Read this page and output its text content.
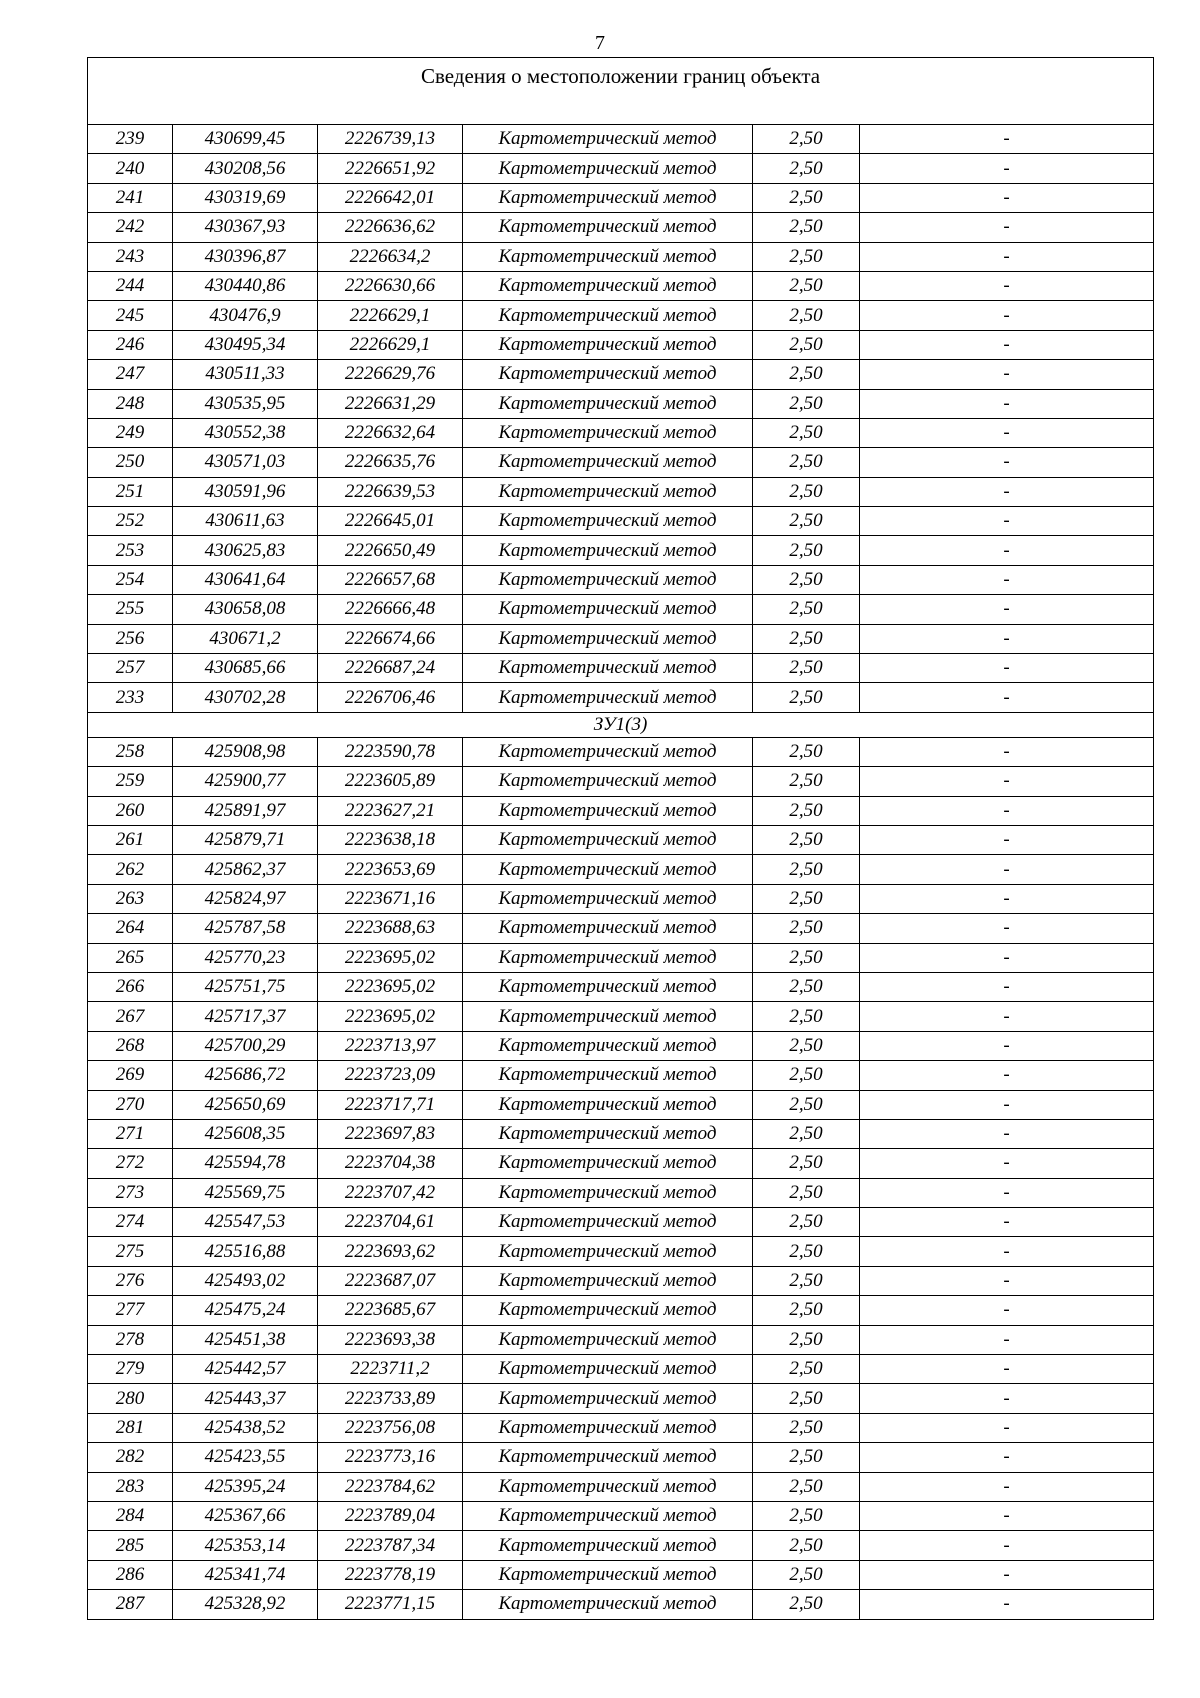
7
Сведения о местоположении границ объекта					
239	430699,45	2226739,13	Картометрический метод	2,50	-
240	430208,56	2226651,92	Картометрический метод	2,50	-
241	430319,69	2226642,01	Картометрический метод	2,50	-
242	430367,93	2226636,62	Картометрический метод	2,50	-
243	430396,87	2226634,2	Картометрический метод	2,50	-
244	430440,86	2226630,66	Картометрический метод	2,50	-
245	430476,9	2226629,1	Картометрический метод	2,50	-
246	430495,34	2226629,1	Картометрический метод	2,50	-
247	430511,33	2226629,76	Картометрический метод	2,50	-
248	430535,95	2226631,29	Картометрический метод	2,50	-
249	430552,38	2226632,64	Картометрический метод	2,50	-
250	430571,03	2226635,76	Картометрический метод	2,50	-
251	430591,96	2226639,53	Картометрический метод	2,50	-
252	430611,63	2226645,01	Картометрический метод	2,50	-
253	430625,83	2226650,49	Картометрический метод	2,50	-
254	430641,64	2226657,68	Картометрический метод	2,50	-
255	430658,08	2226666,48	Картометрический метод	2,50	-
256	430671,2	2226674,66	Картометрический метод	2,50	-
257	430685,66	2226687,24	Картометрический метод	2,50	-
233	430702,28	2226706,46	Картометрический метод	2,50	-
ЗУ1(3)					
258	425908,98	2223590,78	Картометрический метод	2,50	-
259	425900,77	2223605,89	Картометрический метод	2,50	-
260	425891,97	2223627,21	Картометрический метод	2,50	-
261	425879,71	2223638,18	Картометрический метод	2,50	-
262	425862,37	2223653,69	Картометрический метод	2,50	-
263	425824,97	2223671,16	Картометрический метод	2,50	-
264	425787,58	2223688,63	Картометрический метод	2,50	-
265	425770,23	2223695,02	Картометрический метод	2,50	-
266	425751,75	2223695,02	Картометрический метод	2,50	-
267	425717,37	2223695,02	Картометрический метод	2,50	-
268	425700,29	2223713,97	Картометрический метод	2,50	-
269	425686,72	2223723,09	Картометрический метод	2,50	-
270	425650,69	2223717,71	Картометрический метод	2,50	-
271	425608,35	2223697,83	Картометрический метод	2,50	-
272	425594,78	2223704,38	Картометрический метод	2,50	-
273	425569,75	2223707,42	Картометрический метод	2,50	-
274	425547,53	2223704,61	Картометрический метод	2,50	-
275	425516,88	2223693,62	Картометрический метод	2,50	-
276	425493,02	2223687,07	Картометрический метод	2,50	-
277	425475,24	2223685,67	Картометрический метод	2,50	-
278	425451,38	2223693,38	Картометрический метод	2,50	-
279	425442,57	2223711,2	Картометрический метод	2,50	-
280	425443,37	2223733,89	Картометрический метод	2,50	-
281	425438,52	2223756,08	Картометрический метод	2,50	-
282	425423,55	2223773,16	Картометрический метод	2,50	-
283	425395,24	2223784,62	Картометрический метод	2,50	-
284	425367,66	2223789,04	Картометрический метод	2,50	-
285	425353,14	2223787,34	Картометрический метод	2,50	-
286	425341,74	2223778,19	Картометрический метод	2,50	-
287	425328,92	2223771,15	Картометрический метод	2,50	-
